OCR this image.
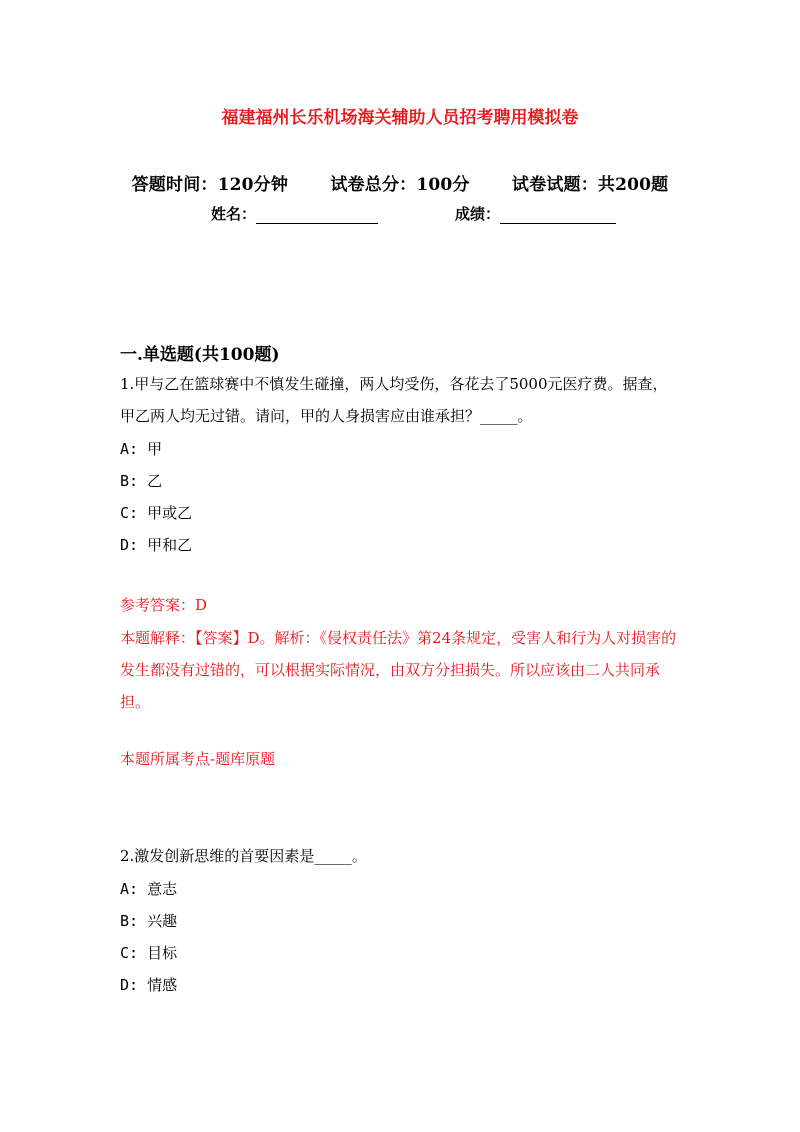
福建福州长乐机场海关辅助人员招考聘用模拟卷
答题时间：120分钟 试卷总分：100分 试卷试题：共200题
姓名：	成绩：
一.单选题(共100题)
1.甲与乙在篮球赛中不慎发生碰撞，两人均受伤，各花去了5000元医疗费。据查，甲乙两人均无过错。请问，甲的人身损害应由谁承担？_____。
A: 甲
B: 乙
C: 甲或乙
D: 甲和乙
参考答案：D
本题解释：【答案】D。解析：《侵权责任法》第24条规定，受害人和行为人对损害的发生都没有过错的，可以根据实际情况，由双方分担损失。所以应该由二人共同承担。
本题所属考点-题库原题
2.激发创新思维的首要因素是_____。
A: 意志
B: 兴趣
C: 目标
D: 情感
